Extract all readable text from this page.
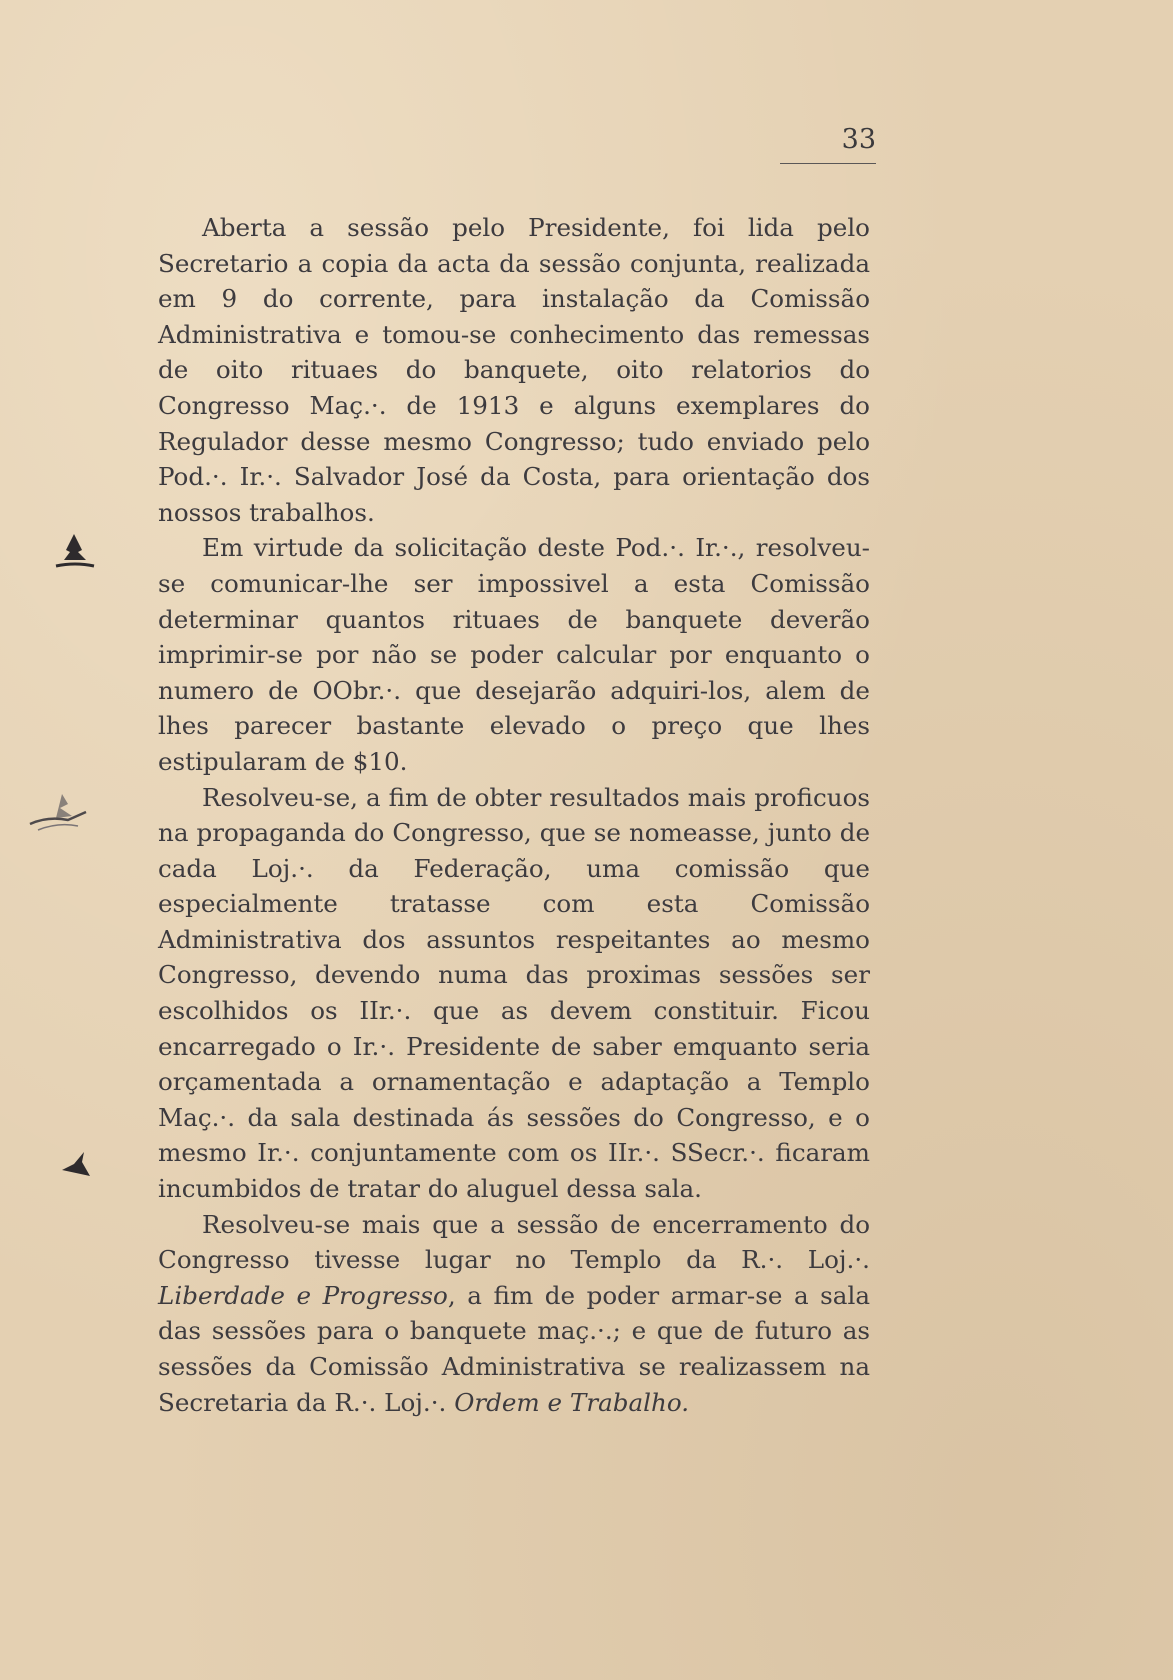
33

Aberta a sessão pelo Presidente, foi lida pelo Secretario a copia da acta da sessão conjunta, realizada em 9 do corrente, para instalação da Comissão Administrativa e tomou-se conhecimento das remessas de oito rituaes do banquete, oito relatorios do Congresso Maç.·. de 1913 e alguns exemplares do Regulador desse mesmo Congresso; tudo enviado pelo Pod.·. Ir.·. Salvador José da Costa, para orientação dos nossos trabalhos.

Em virtude da solicitação deste Pod.·. Ir.·., resolveu-se comunicar-lhe ser impossivel a esta Comissão determinar quantos rituaes de banquete deverão imprimir-se por não se poder calcular por enquanto o numero de OObr.·. que desejarão adquiri-los, alem de lhes parecer bastante elevado o preço que lhes estipularam de $10.

Resolveu-se, a fim de obter resultados mais proficuos na propaganda do Congresso, que se nomeasse, junto de cada Loj.·. da Federação, uma comissão que especialmente tratasse com esta Comissão Administrativa dos assuntos respeitantes ao mesmo Congresso, devendo numa das proximas sessões ser escolhidos os IIr.·. que as devem constituir. Ficou encarregado o Ir.·. Presidente de saber emquanto seria orçamentada a ornamentação e adaptação a Templo Maç.·. da sala destinada ás sessões do Congresso, e o mesmo Ir.·. conjuntamente com os IIr.·. SSecr.·. ficaram incumbidos de tratar do aluguel dessa sala.

Resolveu-se mais que a sessão de encerramento do Congresso tivesse lugar no Templo da R.·. Loj.·. Liberdade e Progresso, a fim de poder armar-se a sala das sessões para o banquete maç.·.; e que de futuro as sessões da Comissão Administrativa se realizassem na Secretaria da R.·. Loj.·. Ordem e Trabalho.
